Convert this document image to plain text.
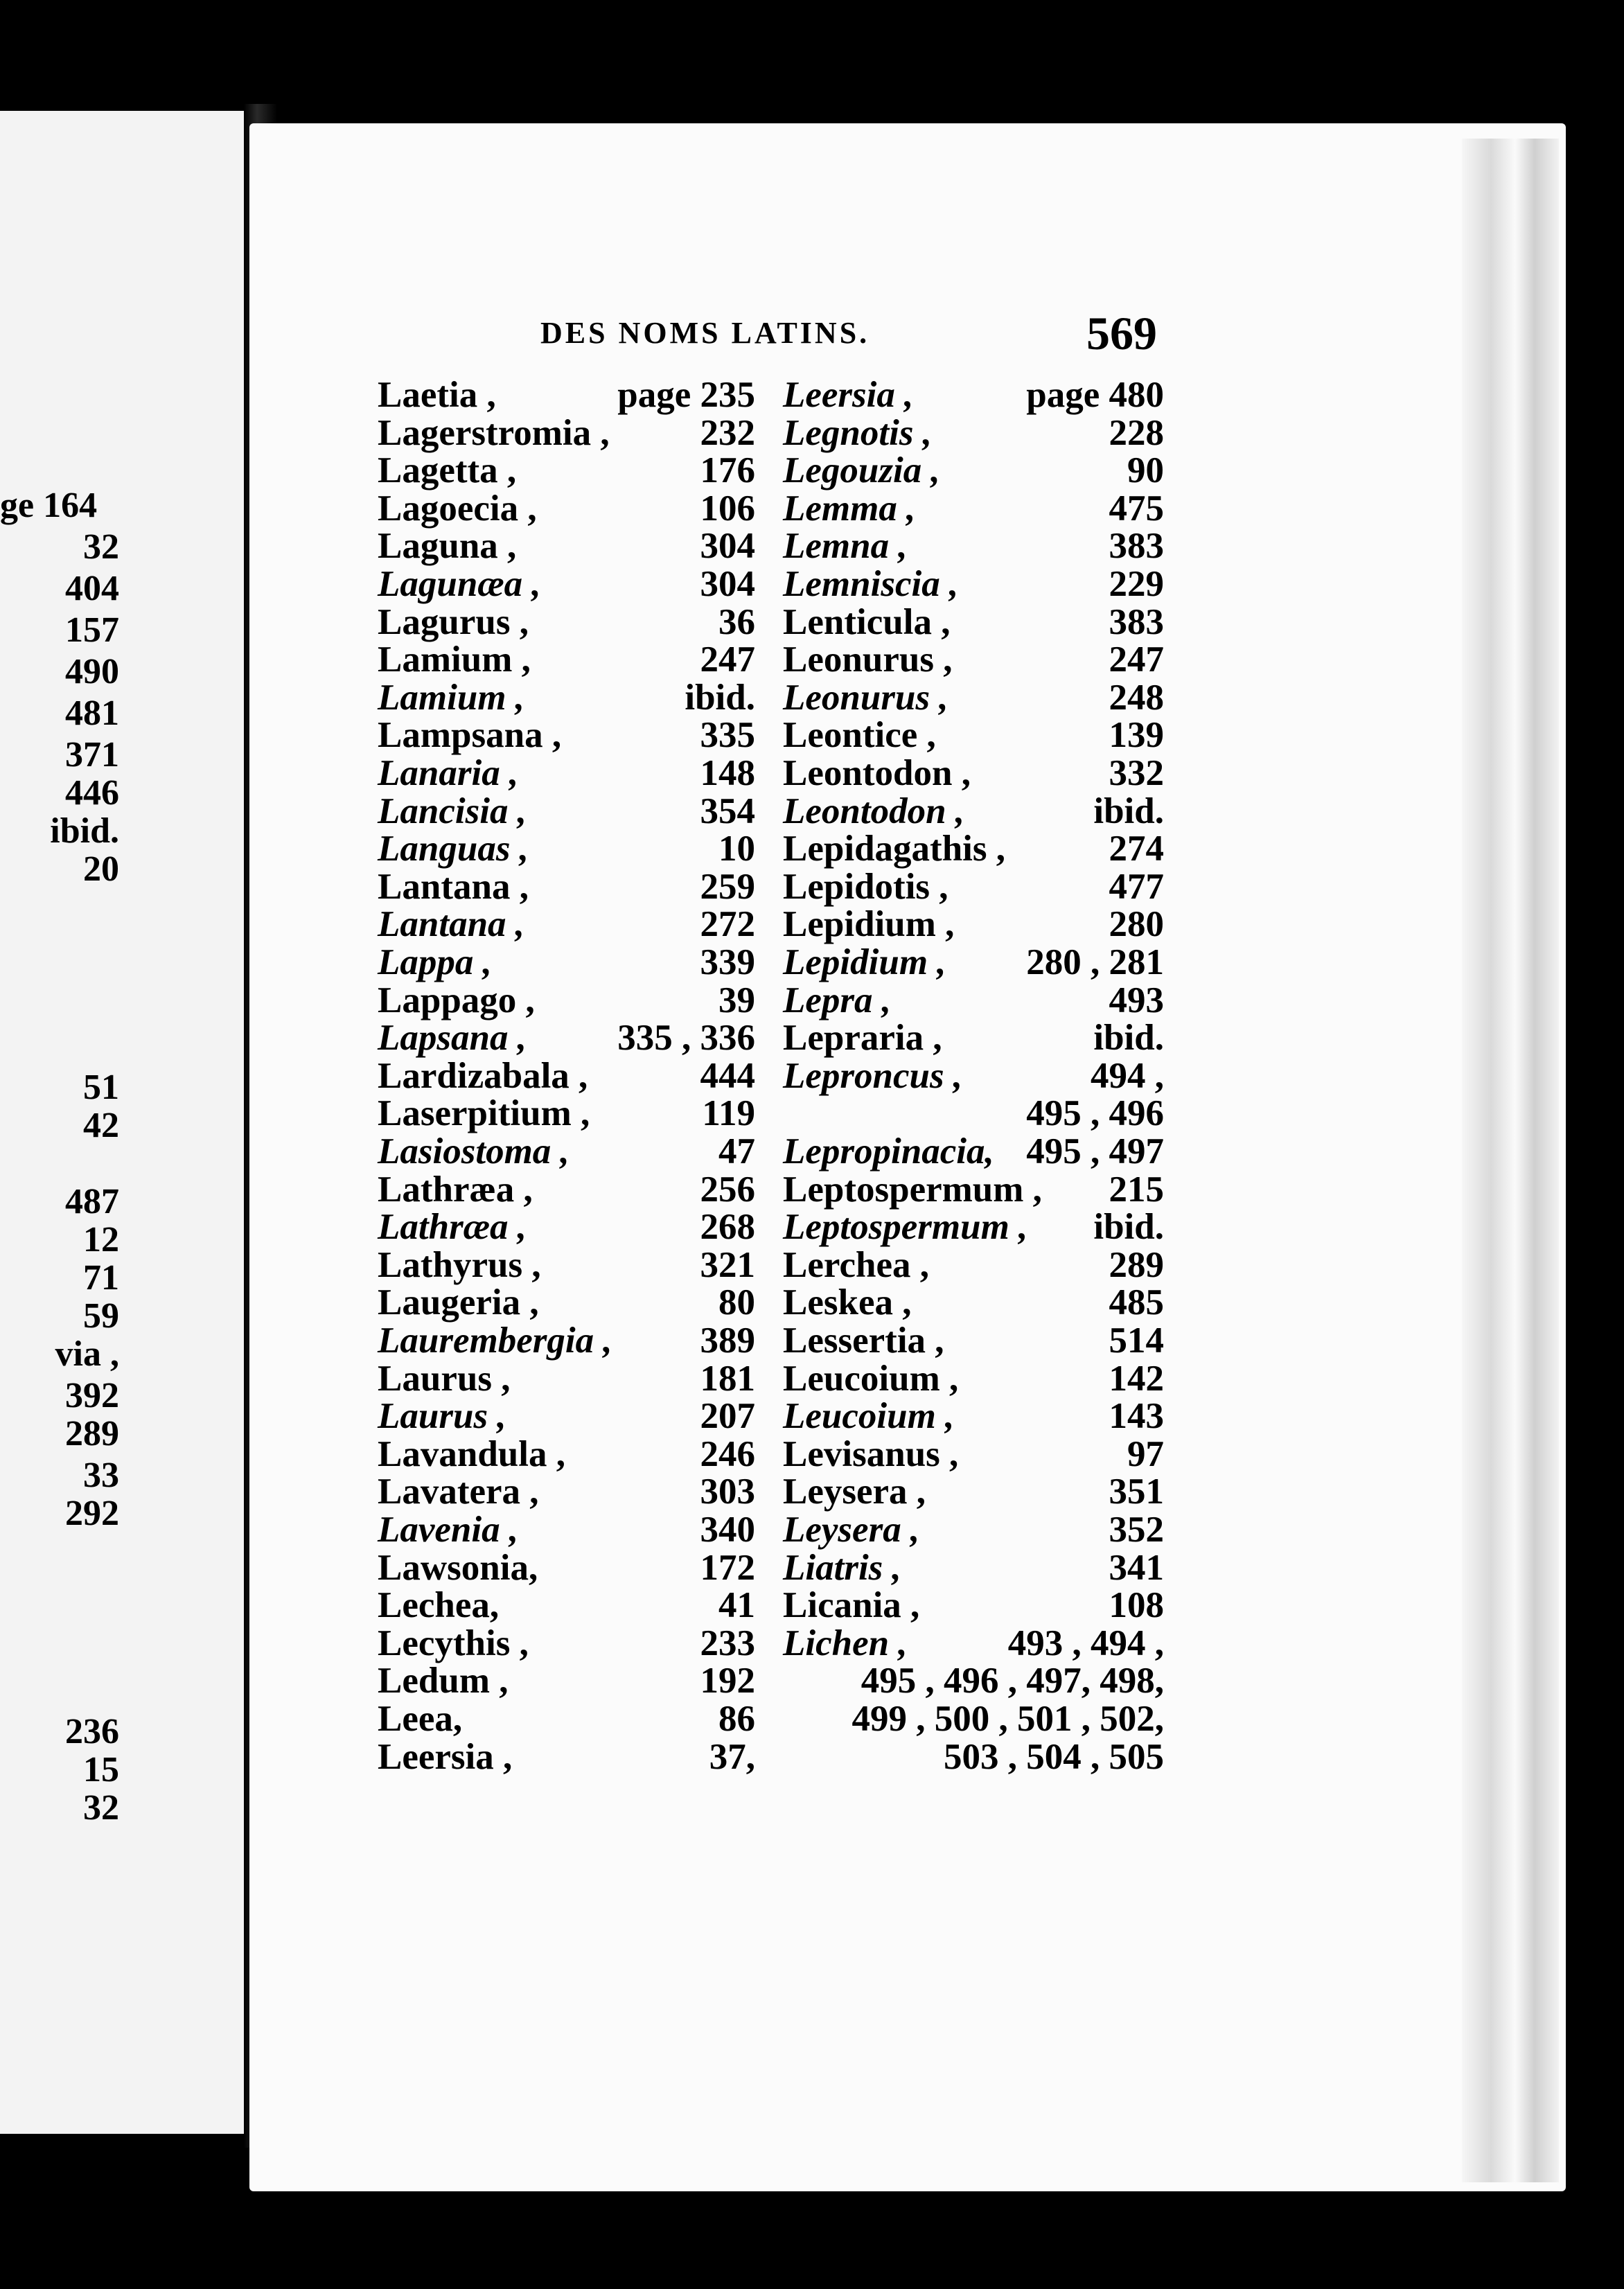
ge 164
32
404
157
490
481
371
446
ibid.
20
51
42
487
12
71
59
via ,
392
289
33
292
236
15
32
DES NOMS LATINS.	569
Laetia ,	page 235
Lagerstromia , 232
Lagetta ,	176
Lagoecia ,	106
Laguna ,	304
Lagunæa ,	304
Lagurus ,	36
Lamium ,	247
Lamium ,	ibid.
Lampsana ,	335
Lanaria ,	148
Lancisia ,	354
Languas ,	10
Lantana ,	259
Lantana ,	272
Lappa ,	339
Lappago ,	39
Lapsana , 335 , 336
Lardizabala ,	444
Laserpitium ,	119
Lasiostoma ,	47
Lathræa ,	256
Lathræa ,	268
Lathyrus ,	321
Laugeria ,	80
Laurembergia , 389
Laurus ,	181
Laurus ,	207
Lavandula ,	246
Lavatera ,	303
Lavenia ,	340
Lawsonia,	172
Lechea,	41
Lecythis ,	233
Ledum ,	192
Leea,	86
Leersia ,	37,
Leersia ,	page 480
Legnotis ,	228
Legouzia ,	90
Lemma ,	475
Lemna ,	383
Lemniscia ,	229
Lenticula ,	383
Leonurus ,	247
Leonurus ,	248
Leontice ,	139
Leontodon ,	332
Leontodon ,	ibid.
Lepidagathis ,	274
Lepidotis ,	477
Lepidium ,	280
Lepidium , 280 , 281
Lepra ,	493
Lepraria ,	ibid.
Leproncus ,	494 ,
495 , 496
Lepropinacia, 495 , 497
Leptospermum , 215
Leptospermum , ibid.
Lerchea ,	289
Leskea ,	485
Lessertia ,	514
Leucoium ,	142
Leucoium ,	143
Levisanus ,	97
Leysera ,	351
Leysera ,	352
Liatris ,	341
Licania ,	108
Lichen ,	493 , 494 ,
495 , 496 , 497, 498,
499 , 500 , 501 , 502,
503 , 504 , 505
